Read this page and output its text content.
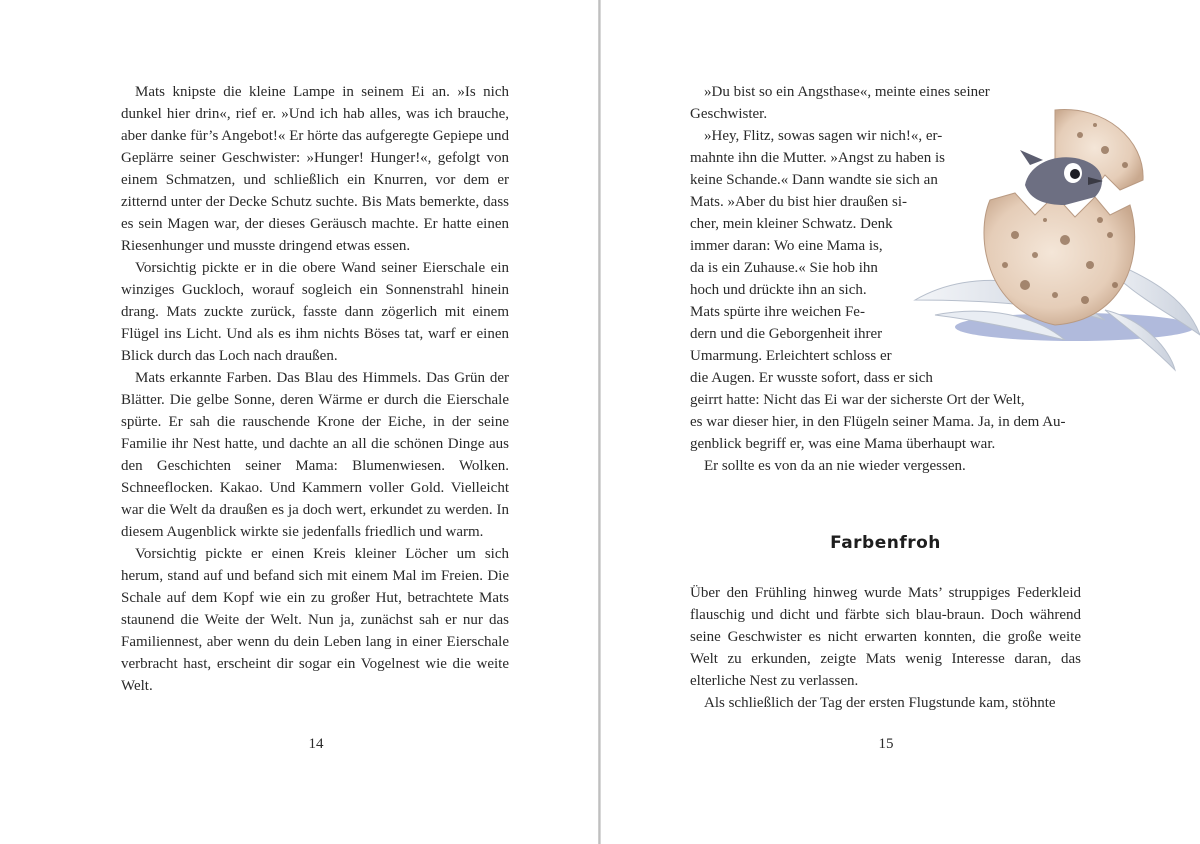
Mats knipste die kleine Lampe in seinem Ei an. »Is nich dunkel hier drin«, rief er. »Und ich hab alles, was ich brauche, aber danke für’s Angebot!« Er hörte das aufgeregte Gepiepe und Geplärre seiner Geschwister: »Hunger! Hunger!«, gefolgt von einem Schmatzen, und schließlich ein Knurren, vor dem er zitternd unter der Decke Schutz suchte. Bis Mats bemerkte, dass es sein Magen war, der dieses Geräusch machte. Er hatte einen Riesenhunger und musste dringend etwas essen.

Vorsichtig pickte er in die obere Wand seiner Eierschale ein winziges Guckloch, worauf sogleich ein Sonnenstrahl hinein drang. Mats zuckte zurück, fasste dann zögerlich mit einem Flügel ins Licht. Und als es ihm nichts Böses tat, warf er einen Blick durch das Loch nach draußen.

Mats erkannte Farben. Das Blau des Himmels. Das Grün der Blätter. Die gelbe Sonne, deren Wärme er durch die Eierschale spürte. Er sah die rauschende Krone der Eiche, in der seine Familie ihr Nest hatte, und dachte an all die schönen Dinge aus den Geschichten seiner Mama: Blumenwiesen. Wolken. Schneeflocken. Kakao. Und Kammern voller Gold. Vielleicht war die Welt da draußen es ja doch wert, erkundet zu werden. In diesem Augenblick wirkte sie jedenfalls friedlich und warm.

Vorsichtig pickte er einen Kreis kleiner Löcher um sich herum, stand auf und befand sich mit einem Mal im Freien. Die Schale auf dem Kopf wie ein zu großer Hut, betrachtete Mats staunend die Weite der Welt. Nun ja, zunächst sah er nur das Familiennest, aber wenn du dein Leben lang in einer Eierschale verbracht hast, erscheint dir sogar ein Vogelnest wie die weite Welt.

14
»Du bist so ein Angsthase«, meinte eines seiner
Geschwister.
»Hey, Flitz, sowas sagen wir nich!«, er-
mahnte ihn die Mutter. »Angst zu haben is
keine Schande.« Dann wandte sie sich an
Mats. »Aber du bist hier draußen si-
cher, mein kleiner Schwatz. Denk
immer daran: Wo eine Mama is,
da is ein Zuhause.« Sie hob ihn
hoch und drückte ihn an sich.
Mats spürte ihre weichen Fe-
dern und die Geborgenheit ihrer
Umarmung. Erleichtert schloss er
die Augen. Er wusste sofort, dass er sich
geirrt hatte: Nicht das Ei war der sicherste Ort der Welt,
es war dieser hier, in den Flügeln seiner Mama. Ja, in dem Au-
genblick begriff er, was eine Mama überhaupt war.
Er sollte es von da an nie wieder vergessen.
Farbenfroh

Über den Frühling hinweg wurde Mats’ struppiges Federkleid flauschig und dicht und färbte sich blau-braun. Doch während seine Geschwister es nicht erwarten konnten, die große weite Welt zu erkunden, zeigte Mats wenig Interesse daran, das elterliche Nest zu verlassen.

Als schließlich der Tag der ersten Flugstunde kam, stöhnte

15
